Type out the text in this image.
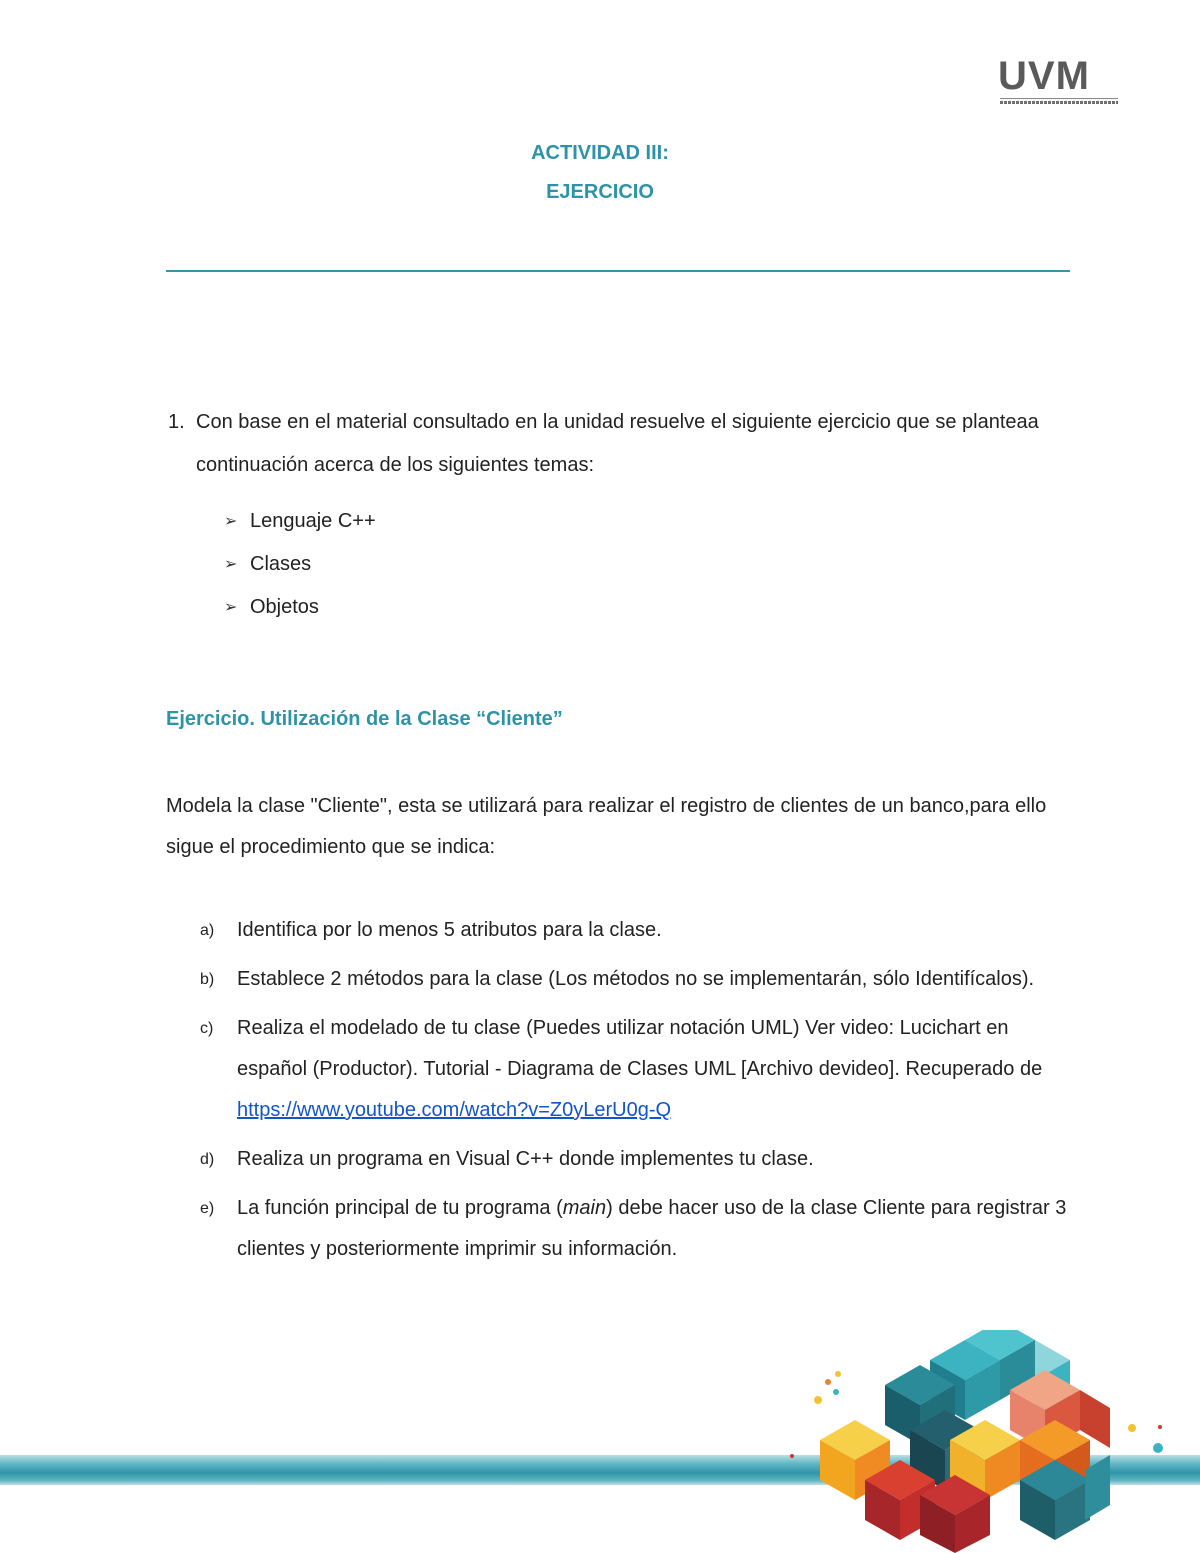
UVM
ACTIVIDAD III:
EJERCICIO
1. Con base en el material consultado en la unidad resuelve el siguiente ejercicio que se planteaa continuación acerca de los siguientes temas:
➢ Lenguaje C++
➢ Clases
➢ Objetos
Ejercicio. Utilización de la Clase “Cliente”

Modela la clase "Cliente", esta se utilizará para realizar el registro de clientes de un banco,para ello sigue el procedimiento que se indica:

a) Identifica por lo menos 5 atributos para la clase.
b) Establece 2 métodos para la clase (Los métodos no se implementarán, sólo Identifícalos).
c) Realiza el modelado de tu clase (Puedes utilizar notación UML) Ver video: Lucichart en español (Productor). Tutorial - Diagrama de Clases UML [Archivo devideo]. Recuperado de
https://www.youtube.com/watch?v=Z0yLerU0g-Q
d) Realiza un programa en Visual C++ donde implementes tu clase.
e) La función principal de tu programa (main) debe hacer uso de la clase Cliente para registrar 3 clientes y posteriormente imprimir su información.
